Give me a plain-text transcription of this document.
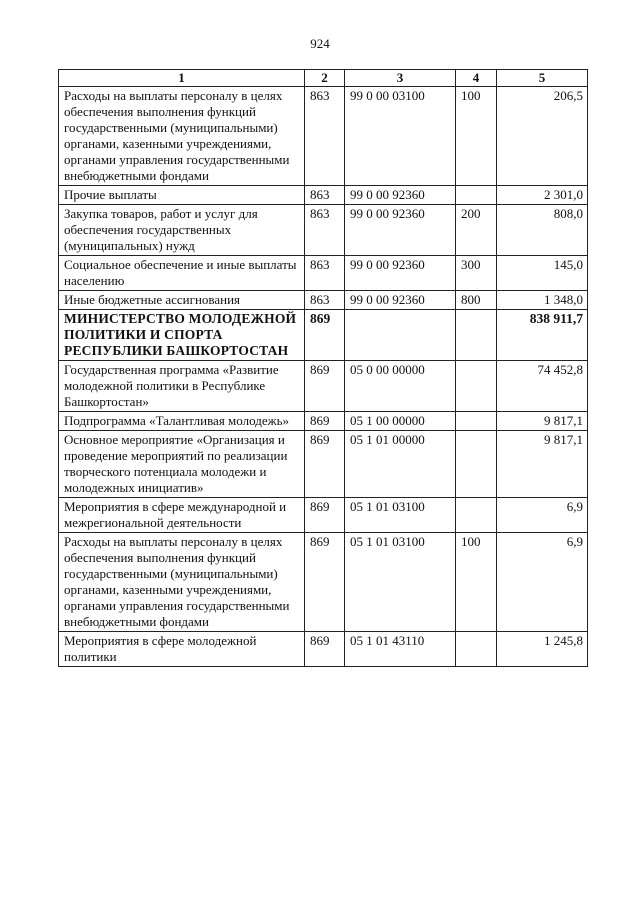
924
1	2	3	4	5
Расходы на выплаты персоналу в целях обеспечения выполнения функций государственными (муниципальными) органами, казенными учреждениями, органами управления государственными внебюджетными фондами	863	99 0 00 03100	100	206,5
Прочие выплаты	863	99 0 00 92360		2 301,0
Закупка товаров, работ и услуг для обеспечения государственных (муниципальных) нужд	863	99 0 00 92360	200	808,0
Социальное обеспечение и иные выплаты населению	863	99 0 00 92360	300	145,0
Иные бюджетные ассигнования	863	99 0 00 92360	800	1 348,0
МИНИСТЕРСТВО МОЛОДЕЖНОЙ ПОЛИТИКИ И СПОРТА РЕСПУБЛИКИ БАШКОРТОСТАН	869			838 911,7
Государственная программа «Развитие молодежной политики в Республике Башкортостан»	869	05 0 00 00000		74 452,8
Подпрограмма «Талантливая молодежь»	869	05 1 00 00000		9 817,1
Основное мероприятие «Организация и проведение мероприятий по реализации творческого потенциала молодежи и молодежных инициатив»	869	05 1 01 00000		9 817,1
Мероприятия в сфере международной и межрегиональной деятельности	869	05 1 01 03100		6,9
Расходы на выплаты персоналу в целях обеспечения выполнения функций государственными (муниципальными) органами, казенными учреждениями, органами управления государственными внебюджетными фондами	869	05 1 01 03100	100	6,9
Мероприятия в сфере молодежной политики	869	05 1 01 43110		1 245,8
